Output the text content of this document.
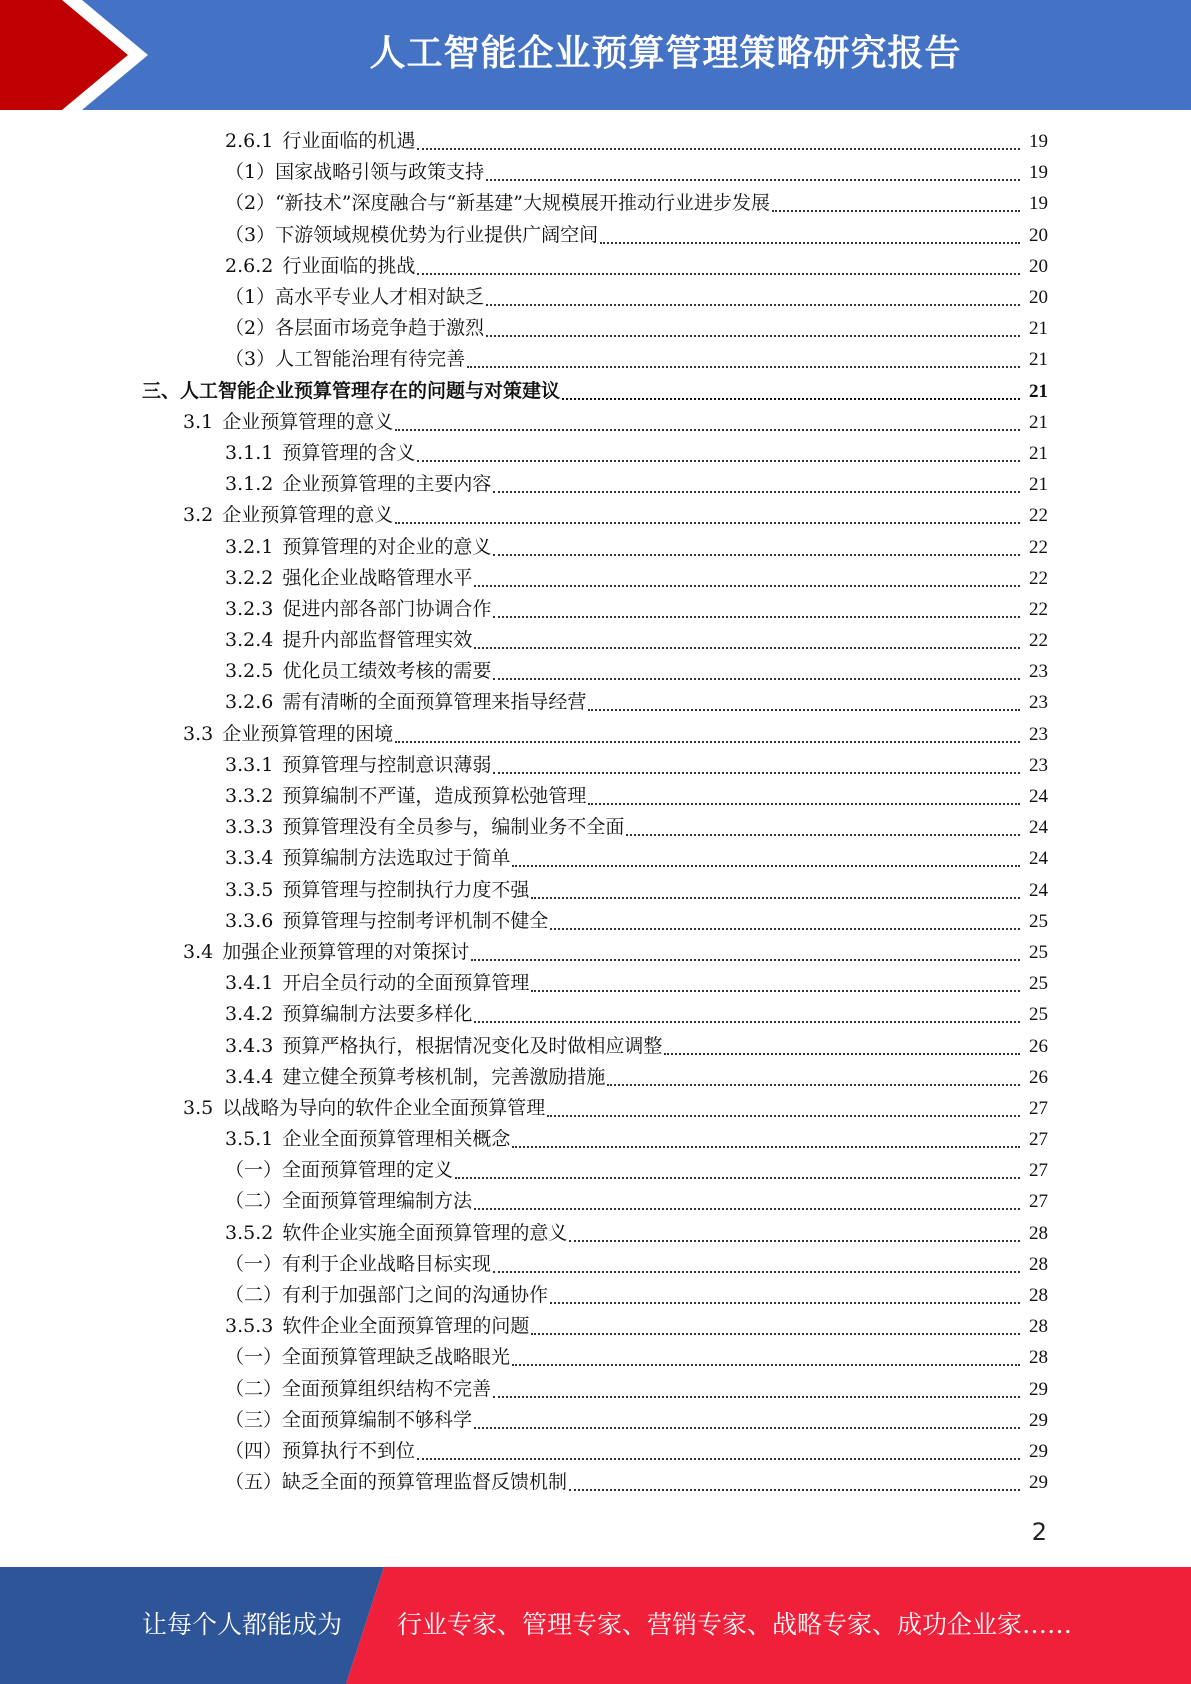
人工智能企业预算管理策略研究报告
2.6.1 行业面临的机遇	19
（1）国家战略引领与政策支持	19
（2）“新技术”深度融合与“新基建”大规模展开推动行业进步发展	19
（3）下游领域规模优势为行业提供广阔空间	20
2.6.2 行业面临的挑战	20
（1）高水平专业人才相对缺乏	20
（2）各层面市场竞争趋于激烈	21
（3）人工智能治理有待完善	21
三、人工智能企业预算管理存在的问题与对策建议	21
3.1 企业预算管理的意义	21
3.1.1 预算管理的含义	21
3.1.2 企业预算管理的主要内容	21
3.2 企业预算管理的意义	22
3.2.1 预算管理的对企业的意义	22
3.2.2 强化企业战略管理水平	22
3.2.3 促进内部各部门协调合作	22
3.2.4 提升内部监督管理实效	22
3.2.5 优化员工绩效考核的需要	23
3.2.6 需有清晰的全面预算管理来指导经营	23
3.3 企业预算管理的困境	23
3.3.1 预算管理与控制意识薄弱	23
3.3.2 预算编制不严谨，造成预算松弛管理	24
3.3.3 预算管理没有全员参与，编制业务不全面	24
3.3.4 预算编制方法选取过于简单	24
3.3.5 预算管理与控制执行力度不强	24
3.3.6 预算管理与控制考评机制不健全	25
3.4 加强企业预算管理的对策探讨	25
3.4.1 开启全员行动的全面预算管理	25
3.4.2 预算编制方法要多样化	25
3.4.3 预算严格执行，根据情况变化及时做相应调整	26
3.4.4 建立健全预算考核机制，完善激励措施	26
3.5 以战略为导向的软件企业全面预算管理	27
3.5.1 企业全面预算管理相关概念	27
（一）全面预算管理的定义	27
（二）全面预算管理编制方法	27
3.5.2 软件企业实施全面预算管理的意义	28
（一）有利于企业战略目标实现	28
（二）有利于加强部门之间的沟通协作	28
3.5.3 软件企业全面预算管理的问题	28
（一）全面预算管理缺乏战略眼光	28
（二）全面预算组织结构不完善	29
（三）全面预算编制不够科学	29
（四）预算执行不到位	29
（五）缺乏全面的预算管理监督反馈机制	29
2
让每个人都能成为 行业专家、管理专家、营销专家、战略专家、成功企业家……
